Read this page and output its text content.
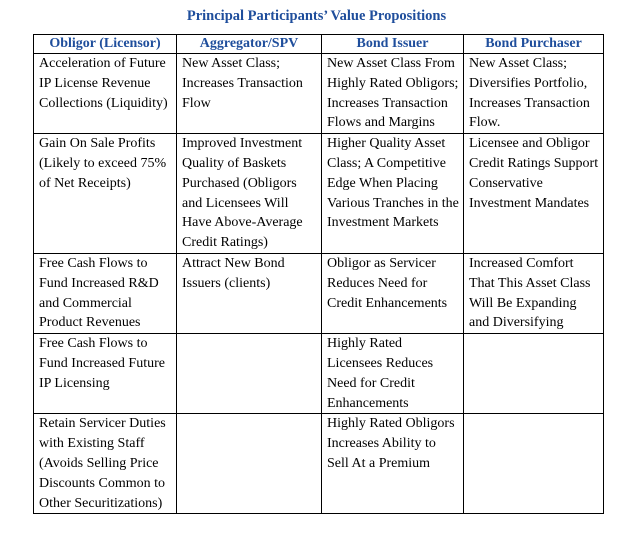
Principal Participants’ Value Propositions
Obligor (Licensor)	Aggregator/SPV	Bond Issuer	Bond Purchaser
Acceleration of Future IP License Revenue Collections (Liquidity)	New Asset Class; Increases Transaction Flow	New Asset Class From Highly Rated Obligors; Increases Transaction Flows and Margins	New Asset Class; Diversifies Portfolio, Increases Transaction Flow.
Gain On Sale Profits (Likely to exceed 75% of Net Receipts)	Improved Investment Quality of Baskets Purchased (Obligors and Licensees Will Have Above-Average Credit Ratings)	Higher Quality Asset Class; A Competitive Edge When Placing Various Tranches in the Investment Markets	Licensee and Obligor Credit Ratings Support Conservative Investment Mandates
Free Cash Flows to Fund Increased R&D and Commercial Product Revenues	Attract New Bond Issuers (clients)	Obligor as Servicer Reduces Need for Credit Enhancements	Increased Comfort That This Asset Class Will Be Expanding and Diversifying
Free Cash Flows to Fund Increased Future IP Licensing		Highly Rated Licensees Reduces Need for Credit Enhancements	
Retain Servicer Duties with Existing Staff (Avoids Selling Price Discounts Common to Other Securitizations)		Highly Rated Obligors Increases Ability to Sell At a Premium	
